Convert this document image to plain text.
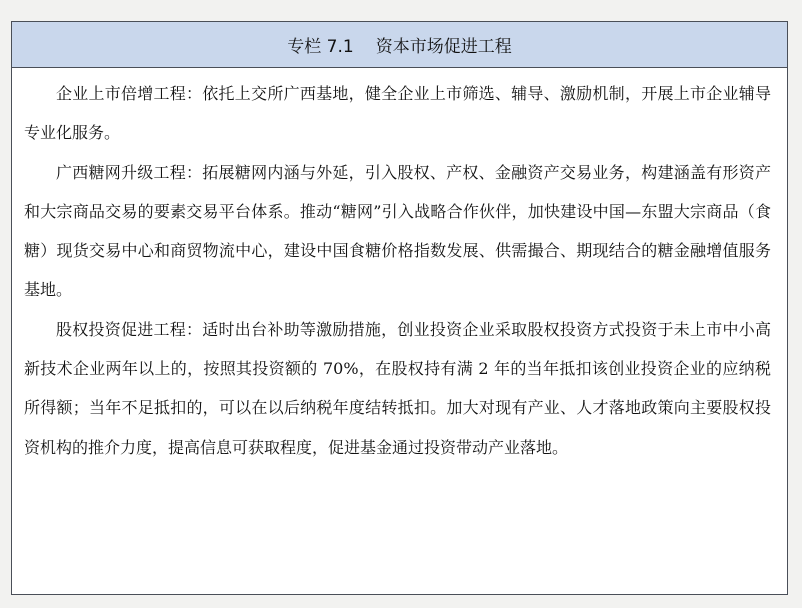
专栏 7.1 资本市场促进工程

企业上市倍增工程：依托上交所广西基地，健全企业上市筛选、辅导、激励机制，开展上市企业辅导专业化服务。

广西糖网升级工程：拓展糖网内涵与外延，引入股权、产权、金融资产交易业务，构建涵盖有形资产和大宗商品交易的要素交易平台体系。推动“糖网”引入战略合作伙伴，加快建设中国—东盟大宗商品（食糖）现货交易中心和商贸物流中心，建设中国食糖价格指数发展、供需撮合、期现结合的糖金融增值服务基地。

股权投资促进工程：适时出台补助等激励措施，创业投资企业采取股权投资方式投资于未上市中小高新技术企业两年以上的，按照其投资额的 70%，在股权持有满 2 年的当年抵扣该创业投资企业的应纳税所得额；当年不足抵扣的，可以在以后纳税年度结转抵扣。加大对现有产业、人才落地政策向主要股权投资机构的推介力度，提高信息可获取程度，促进基金通过投资带动产业落地。
